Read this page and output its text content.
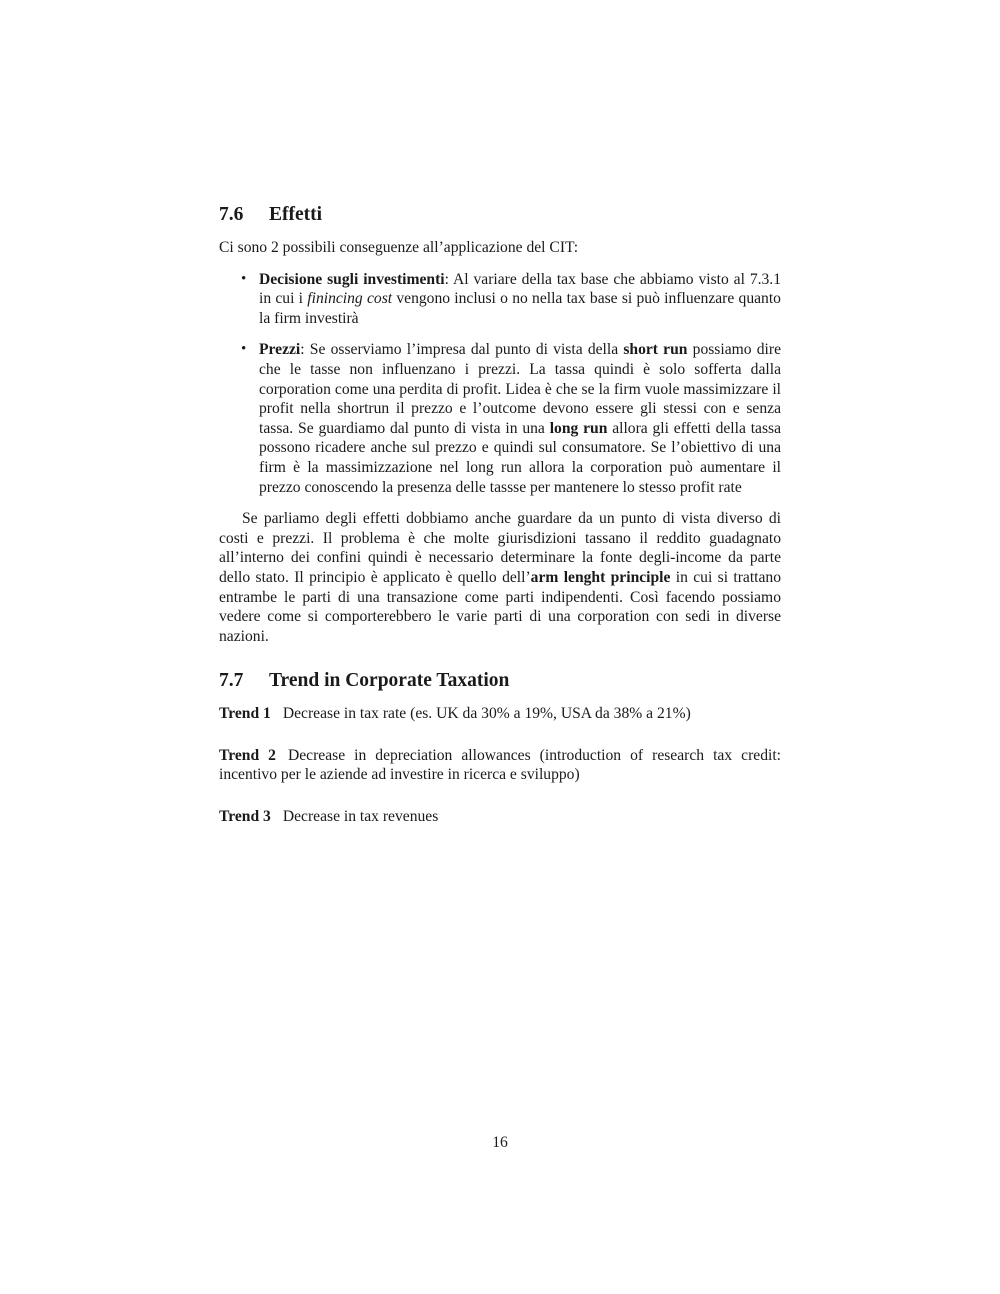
7.6	Effetti

Ci sono 2 possibili conseguenze all’applicazione del CIT:

• Decisione sugli investimenti: Al variare della tax base che abbiamo visto al 7.3.1 in cui i finincing cost vengono inclusi o no nella tax base si può influenzare quanto la firm investirà
• Prezzi: Se osserviamo l’impresa dal punto di vista della short run possiamo dire che le tasse non influenzano i prezzi. La tassa quindi è solo sofferta dalla corporation come una perdita di profit. Lidea è che se la firm vuole massimizzare il profit nella shortrun il prezzo e l’outcome devono essere gli stessi con e senza tassa. Se guardiamo dal punto di vista in una long run allora gli effetti della tassa possono ricadere anche sul prezzo e quindi sul consumatore. Se l’obiettivo di una firm è la massimizzazione nel long run allora la corporation può aumentare il prezzo conoscendo la presenza delle tassse per mantenere lo stesso profit rate

Se parliamo degli effetti dobbiamo anche guardare da un punto di vista diverso di costi e prezzi. Il problema è che molte giurisdizioni tassano il reddito guadagnato all’interno dei confini quindi è necessario determinare la fonte degli-income da parte dello stato. Il principio è applicato è quello dell’arm lenght principle in cui si trattano entrambe le parti di una transazione come parti indipendenti. Così facendo possiamo vedere come si comporterebbero le varie parti di una corporation con sedi in diverse nazioni.

7.7	Trend in Corporate Taxation

Trend 1 Decrease in tax rate (es. UK da 30% a 19%, USA da 38% a 21%)

Trend 2 Decrease in depreciation allowances (introduction of research tax credit: incentivo per le aziende ad investire in ricerca e sviluppo)

Trend 3 Decrease in tax revenues

16
